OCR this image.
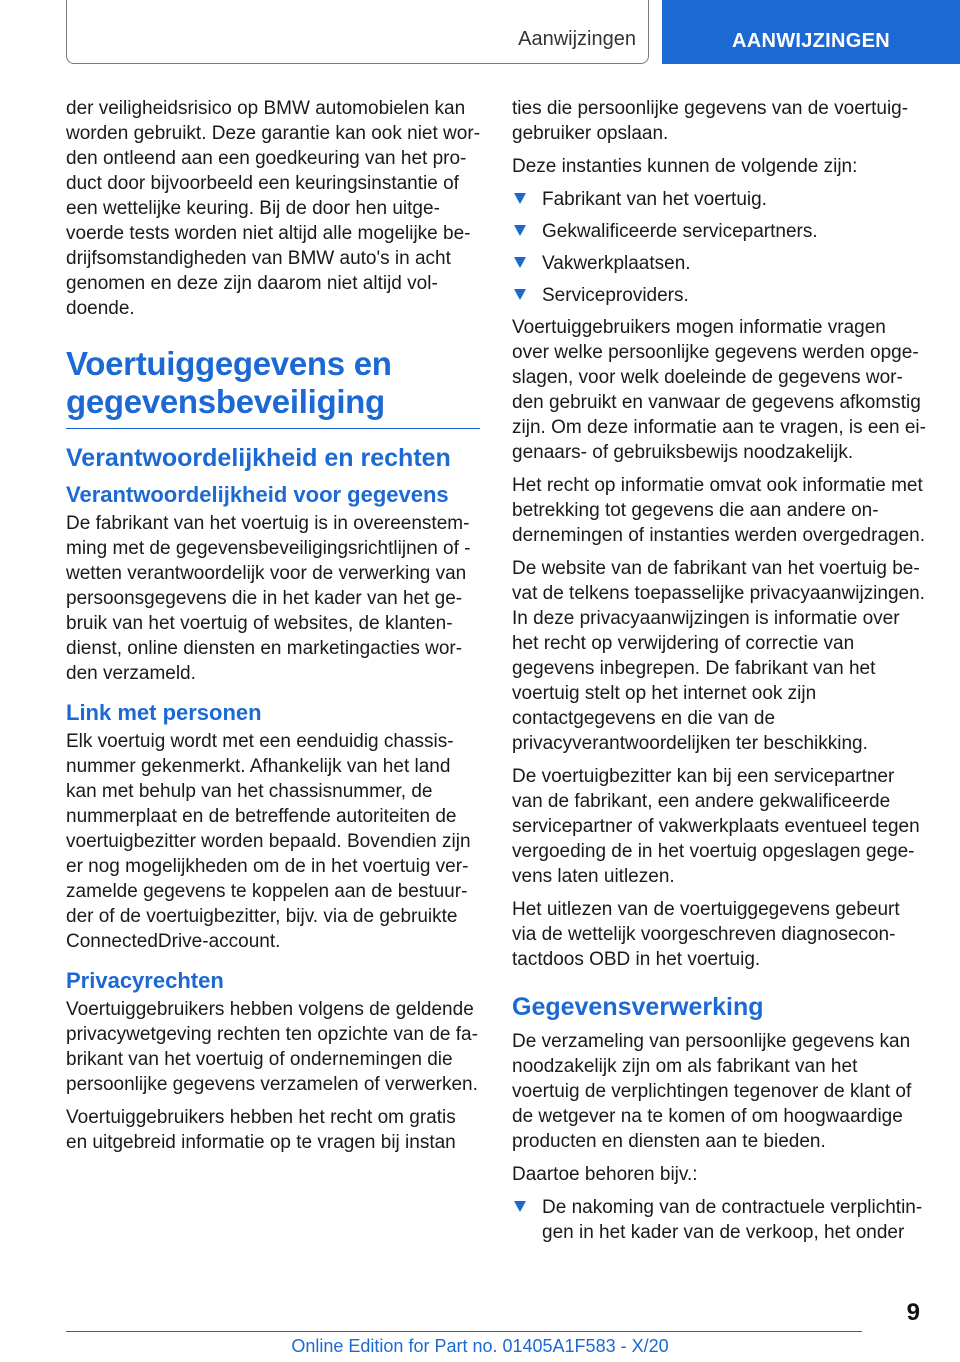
Aanwijzingen	AANWIJZINGEN

der veiligheidsrisico op BMW automobielen kan worden gebruikt. Deze garantie kan ook niet worden ontleend aan een goedkeuring van het product door bijvoorbeeld een keuringsinstantie of een wettelijke keuring. Bij de door hen uitgevoerde tests worden niet altijd alle mogelijke bedrijfsomstandigheden van BMW auto's in acht genomen en deze zijn daarom niet altijd voldoende.

Voertuiggegevens en gegevensbeveiliging
Verantwoordelijkheid en rechten
Verantwoordelijkheid voor gegevens

De fabrikant van het voertuig is in overeenstemming met de gegevensbeveiligingsrichtlijnen of -wetten verantwoordelijk voor de verwerking van persoonsgegevens die in het kader van het gebruik van het voertuig of websites, de klantendienst, online diensten en marketingacties worden verzameld.

Link met personen

Elk voertuig wordt met een eenduidig chassisnummer gekenmerkt. Afhankelijk van het land kan met behulp van het chassisnummer, de nummerplaat en de betreffende autoriteiten de voertuigbezitter worden bepaald. Bovendien zijn er nog mogelijkheden om de in het voertuig verzamelde gegevens te koppelen aan de bestuurder of de voertuigbezitter, bijv. via de gebruikte ConnectedDrive-account.

Privacyrechten

Voertuiggebruikers hebben volgens de geldende privacywetgeving rechten ten opzichte van de fabrikant van het voertuig of ondernemingen die persoonlijke gegevens verzamelen of verwerken.

Voertuiggebruikers hebben het recht om gratis en uitgebreid informatie op te vragen bij instan

ties die persoonlijke gegevens van de voertuiggebruiker opslaan.

Deze instanties kunnen de volgende zijn:

Fabrikant van het voertuig.
Gekwalificeerde servicepartners.
Vakwerkplaatsen.
Serviceproviders.

Voertuiggebruikers mogen informatie vragen over welke persoonlijke gegevens werden opgeslagen, voor welk doeleinde de gegevens worden gebruikt en vanwaar de gegevens afkomstig zijn. Om deze informatie aan te vragen, is een eigenaars- of gebruiksbewijs noodzakelijk.

Het recht op informatie omvat ook informatie met betrekking tot gegevens die aan andere ondernemingen of instanties werden overgedragen.

De website van de fabrikant van het voertuig bevat de telkens toepasselijke privacyaanwijzingen. In deze privacyaanwijzingen is informatie over het recht op verwijdering of correctie van gegevens inbegrepen. De fabrikant van het voertuig stelt op het internet ook zijn contactgegevens en die van de privacyverantwoordelijken ter beschikking.

De voertuigbezitter kan bij een servicepartner van de fabrikant, een andere gekwalificeerde servicepartner of vakwerkplaats eventueel tegen vergoeding de in het voertuig opgeslagen gegevens laten uitlezen.

Het uitlezen van de voertuiggegevens gebeurt via de wettelijk voorgeschreven diagnosecontactdoos OBD in het voertuig.

Gegevensverwerking

De verzameling van persoonlijke gegevens kan noodzakelijk zijn om als fabrikant van het voertuig de verplichtingen tegenover de klant of de wetgever na te komen of om hoogwaardige producten en diensten aan te bieden.

Daartoe behoren bijv.:

De nakoming van de contractuele verplichtingen in het kader van de verkoop, het onder
9
Online Edition for Part no. 01405A1F583 - X/20
